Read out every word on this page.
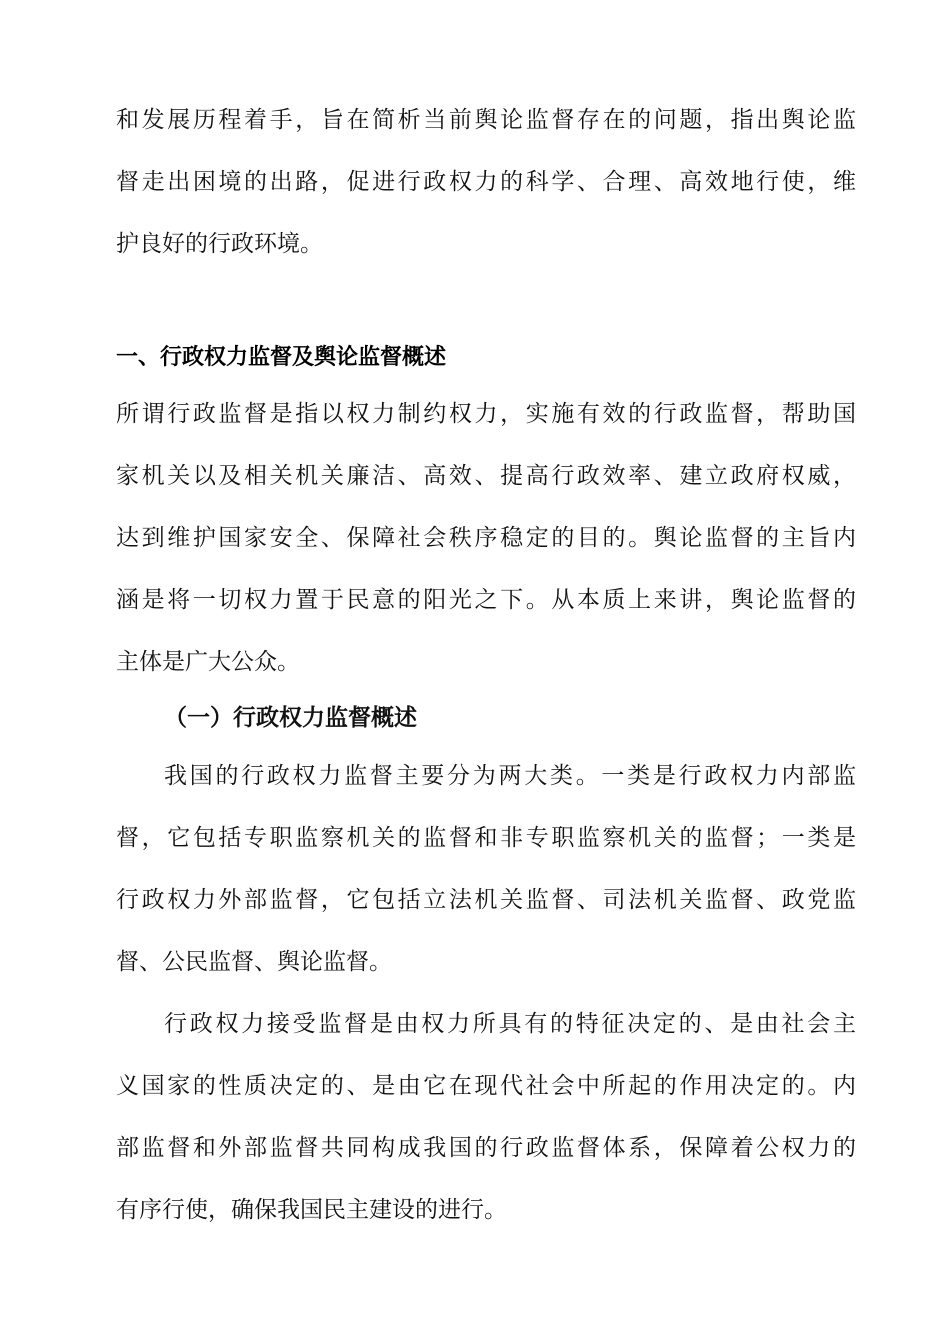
和发展历程着手，旨在简析当前舆论监督存在的问题，指出舆论监
督走出困境的出路，促进行政权力的科学、合理、高效地行使，维
护良好的行政环境。

一、行政权力监督及舆论监督概述

所谓行政监督是指以权力制约权力，实施有效的行政监督，帮助国
家机关以及相关机关廉洁、高效、提高行政效率、建立政府权威，
达到维护国家安全、保障社会秩序稳定的目的。舆论监督的主旨内
涵是将一切权力置于民意的阳光之下。从本质上来讲，舆论监督的
主体是广大公众。

（一）行政权力监督概述

我国的行政权力监督主要分为两大类。一类是行政权力内部监
督，它包括专职监察机关的监督和非专职监察机关的监督；一类是
行政权力外部监督，它包括立法机关监督、司法机关监督、政党监
督、公民监督、舆论监督。

行政权力接受监督是由权力所具有的特征决定的、是由社会主
义国家的性质决定的、是由它在现代社会中所起的作用决定的。内
部监督和外部监督共同构成我国的行政监督体系，保障着公权力的
有序行使，确保我国民主建设的进行。
